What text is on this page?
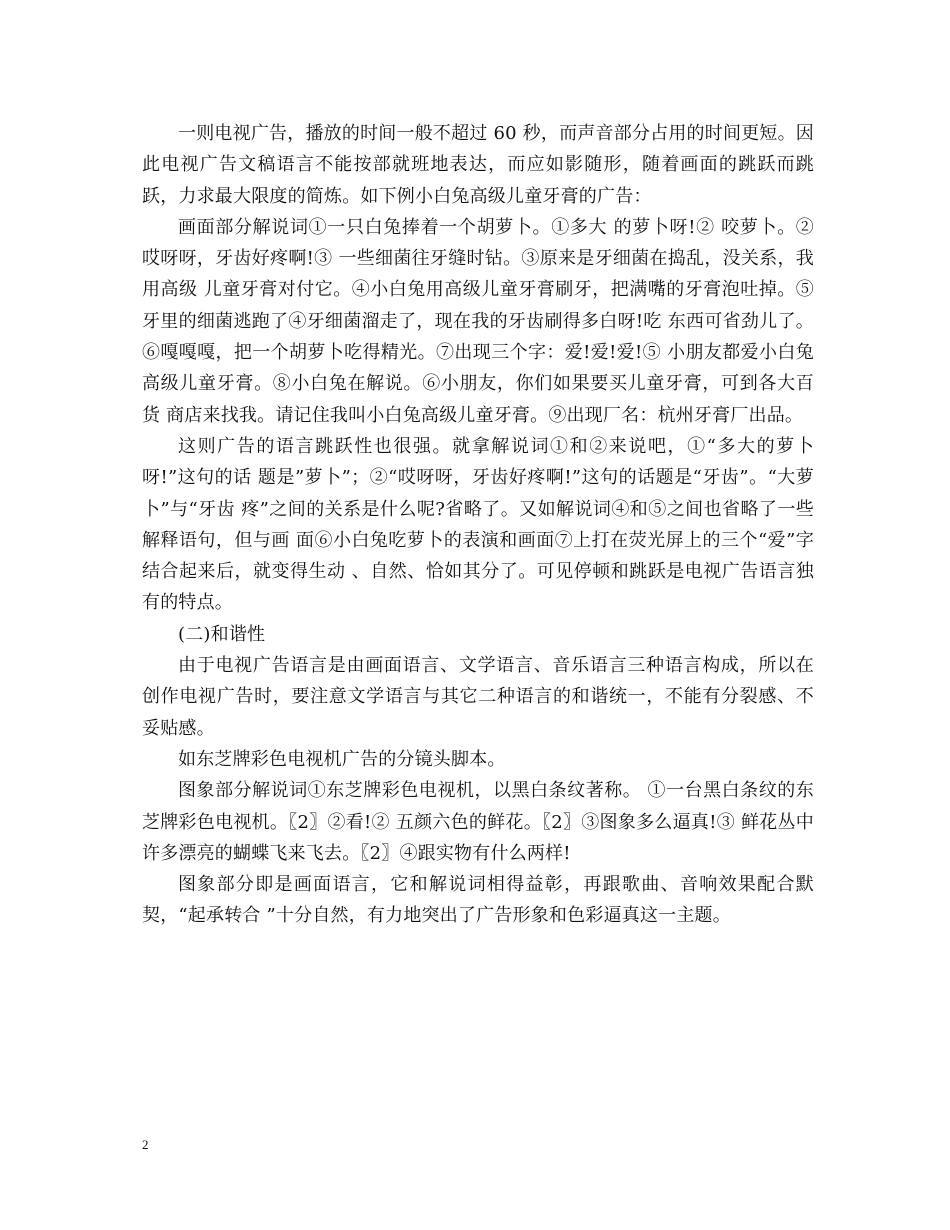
一则电视广告，播放的时间一般不超过 60 秒，而声音部分占用的时间更短。因此电视广告文稿语言不能按部就班地表达，而应如影随形，随着画面的跳跃而跳跃，力求最大限度的简炼。如下例小白兔高级儿童牙膏的广告：

画面部分解说词①一只白兔捧着一个胡萝卜。①多大 的萝卜呀!② 咬萝卜。②哎呀呀，牙齿好疼啊!③ 一些细菌往牙缝时钻。③原来是牙细菌在捣乱，没关系，我用高级 儿童牙膏对付它。④小白兔用高级儿童牙膏刷牙，把满嘴的牙膏泡吐掉。⑤牙里的细菌逃跑了④牙细菌溜走了，现在我的牙齿刷得多白呀!吃 东西可省劲儿了。⑥嘎嘎嘎，把一个胡萝卜吃得精光。⑦出现三个字：爱!爱!爱!⑤ 小朋友都爱小白兔高级儿童牙膏。⑧小白兔在解说。⑥小朋友，你们如果要买儿童牙膏，可到各大百货 商店来找我。请记住我叫小白兔高级儿童牙膏。⑨出现厂名：杭州牙膏厂出品。

这则广告的语言跳跃性也很强。就拿解说词①和②来说吧，①“多大的萝卜呀!”这句的话 题是”萝卜”；②“哎呀呀，牙齿好疼啊!”这句的话题是“牙齿”。“大萝卜”与“牙齿 疼”之间的关系是什么呢?省略了。又如解说词④和⑤之间也省略了一些解释语句，但与画 面⑥小白兔吃萝卜的表演和画面⑦上打在荧光屏上的三个“爱”字结合起来后，就变得生动 、自然、恰如其分了。可见停顿和跳跃是电视广告语言独有的特点。

(二)和谐性

由于电视广告语言是由画面语言、文学语言、音乐语言三种语言构成，所以在创作电视广告时，要注意文学语言与其它二种语言的和谐统一，不能有分裂感、不妥贴感。

如东芝牌彩色电视机广告的分镜头脚本。

图象部分解说词①东芝牌彩色电视机，以黑白条纹著称。 ①一台黑白条纹的东芝牌彩色电视机。〖2〗②看!② 五颜六色的鲜花。〖2〗③图象多么逼真!③ 鲜花丛中许多漂亮的蝴蝶飞来飞去。〖2〗④跟实物有什么两样!

图象部分即是画面语言，它和解说词相得益彰，再跟歌曲、音响效果配合默契，“起承转合 ”十分自然，有力地突出了广告形象和色彩逼真这一主题。

2
